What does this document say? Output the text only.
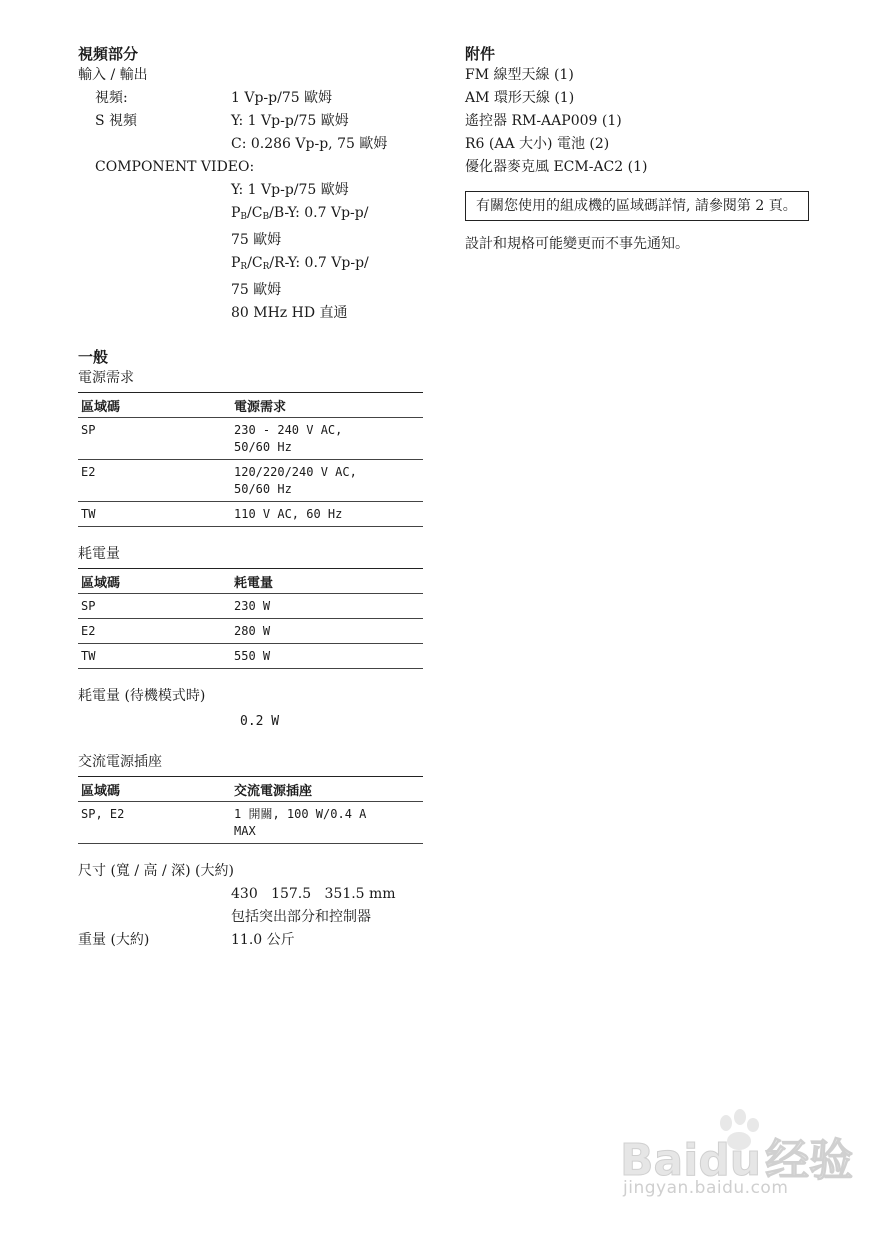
視頻部分
輸入 / 輸出
視頻:	1 Vp-p/75 歐姆
S 視頻	Y: 1 Vp-p/75 歐姆
C: 0.286 Vp-p, 75 歐姆
COMPONENT VIDEO:
Y: 1 Vp-p/75 歐姆
$P_B/C_B/B-Y$: 0.7 Vp-p/
75 歐姆
$P_R/C_R/R-Y$: 0.7 Vp-p/
75 歐姆
80 MHz HD 直通
一般
電源需求
區域碼	電源需求
SP	230 - 240 V AC,
50/60 Hz
E2	120/220/240 V AC,
50/60 Hz
TW	110 V AC, 60 Hz
耗電量
區域碼	耗電量
SP	230 W
E2	280 W
TW	550 W
耗電量 (待機模式時)
0.2 W
交流電源插座
區域碼	交流電源插座
SP, E2	1 開關, 100 W/0.4 A
MAX
尺寸 (寬 / 高 / 深) (大約)
430   157.5   351.5 mm
包括突出部分和控制器
重量 (大約)	11.0 公斤
附件
FM 線型天線 (1)
AM 環形天線 (1)
遙控器 RM-AAP009 (1)
R6 (AA 大小) 電池 (2)
優化器麥克風 ECM-AC2 (1)
有關您使用的組成機的區域碼詳情, 請參閱第 2 頁。
設計和規格可能變更而不事先通知。
Baidu经验
jingyan.baidu.com
